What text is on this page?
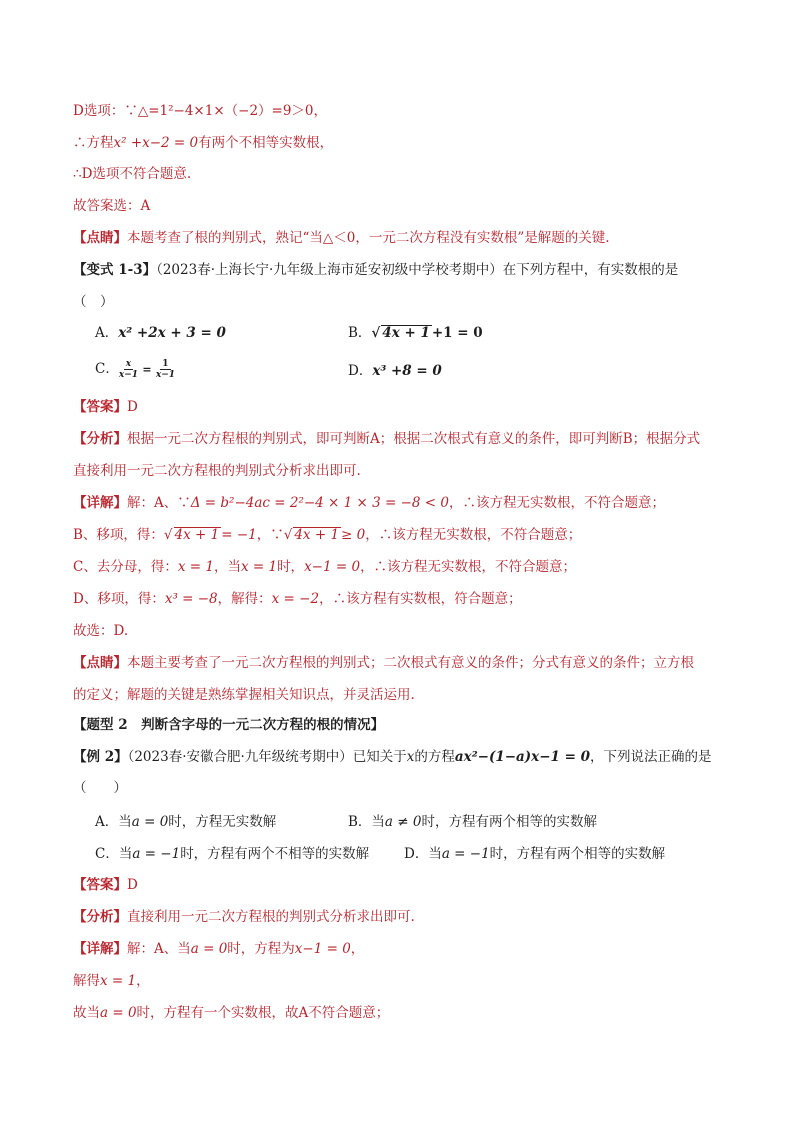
D选项：∵△=1²−4×1×（−2）=9＞0，
∴方程x² +x−2 = 0有两个不相等实数根，
∴D选项不符合题意.
故答案选：A
【点睛】本题考查了根的判别式，熟记“当△＜0，一元二次方程没有实数根”是解题的关键.
【变式 1-3】（2023春·上海长宁·九年级上海市延安初级中学校考期中）在下列方程中，有实数根的是
（　）
A．x² +2x + 3 = 0	B．√ 4x + 1 +1 = 0
C． $\frac{x}{x-1} = \frac{1}{x-1}$	D．x³ +8 = 0
【答案】D
【分析】根据一元二次方程根的判别式，即可判断A；根据二次根式有意义的条件，即可判断B；根据分式
直接利用一元二次方程根的判别式分析求出即可.
【详解】解：A、∵Δ = b²−4ac = 2²−4 × 1 × 3 = −8 < 0，∴该方程无实数根，不符合题意；
B、移项，得：√ 4x + 1 = −1，∵√ 4x + 1 ≥ 0，∴该方程无实数根，不符合题意；
C、去分母，得：x = 1，当x = 1时，x−1 = 0，∴该方程无实数根，不符合题意；
D、移项，得：x³ = −8，解得：x = −2，∴该方程有实数根，符合题意；
故选：D.
【点睛】本题主要考查了一元二次方程根的判别式；二次根式有意义的条件；分式有意义的条件；立方根
的定义；解题的关键是熟练掌握相关知识点，并灵活运用.
【题型 2　判断含字母的一元二次方程的根的情况】
【例 2】（2023春·安徽合肥·九年级统考期中）已知关于x的方程ax²−(1−a)x−1 = 0，下列说法正确的是
（　　）
A．当a = 0时，方程无实数解	B．当a ≠ 0时，方程有两个相等的实数解
C．当a = −1时，方程有两个不相等的实数解	D．当a = −1时，方程有两个相等的实数解
【答案】D
【分析】直接利用一元二次方程根的判别式分析求出即可.
【详解】解：A、当a = 0时，方程为x−1 = 0，
解得x = 1，
故当a = 0时，方程有一个实数根，故A不符合题意；
